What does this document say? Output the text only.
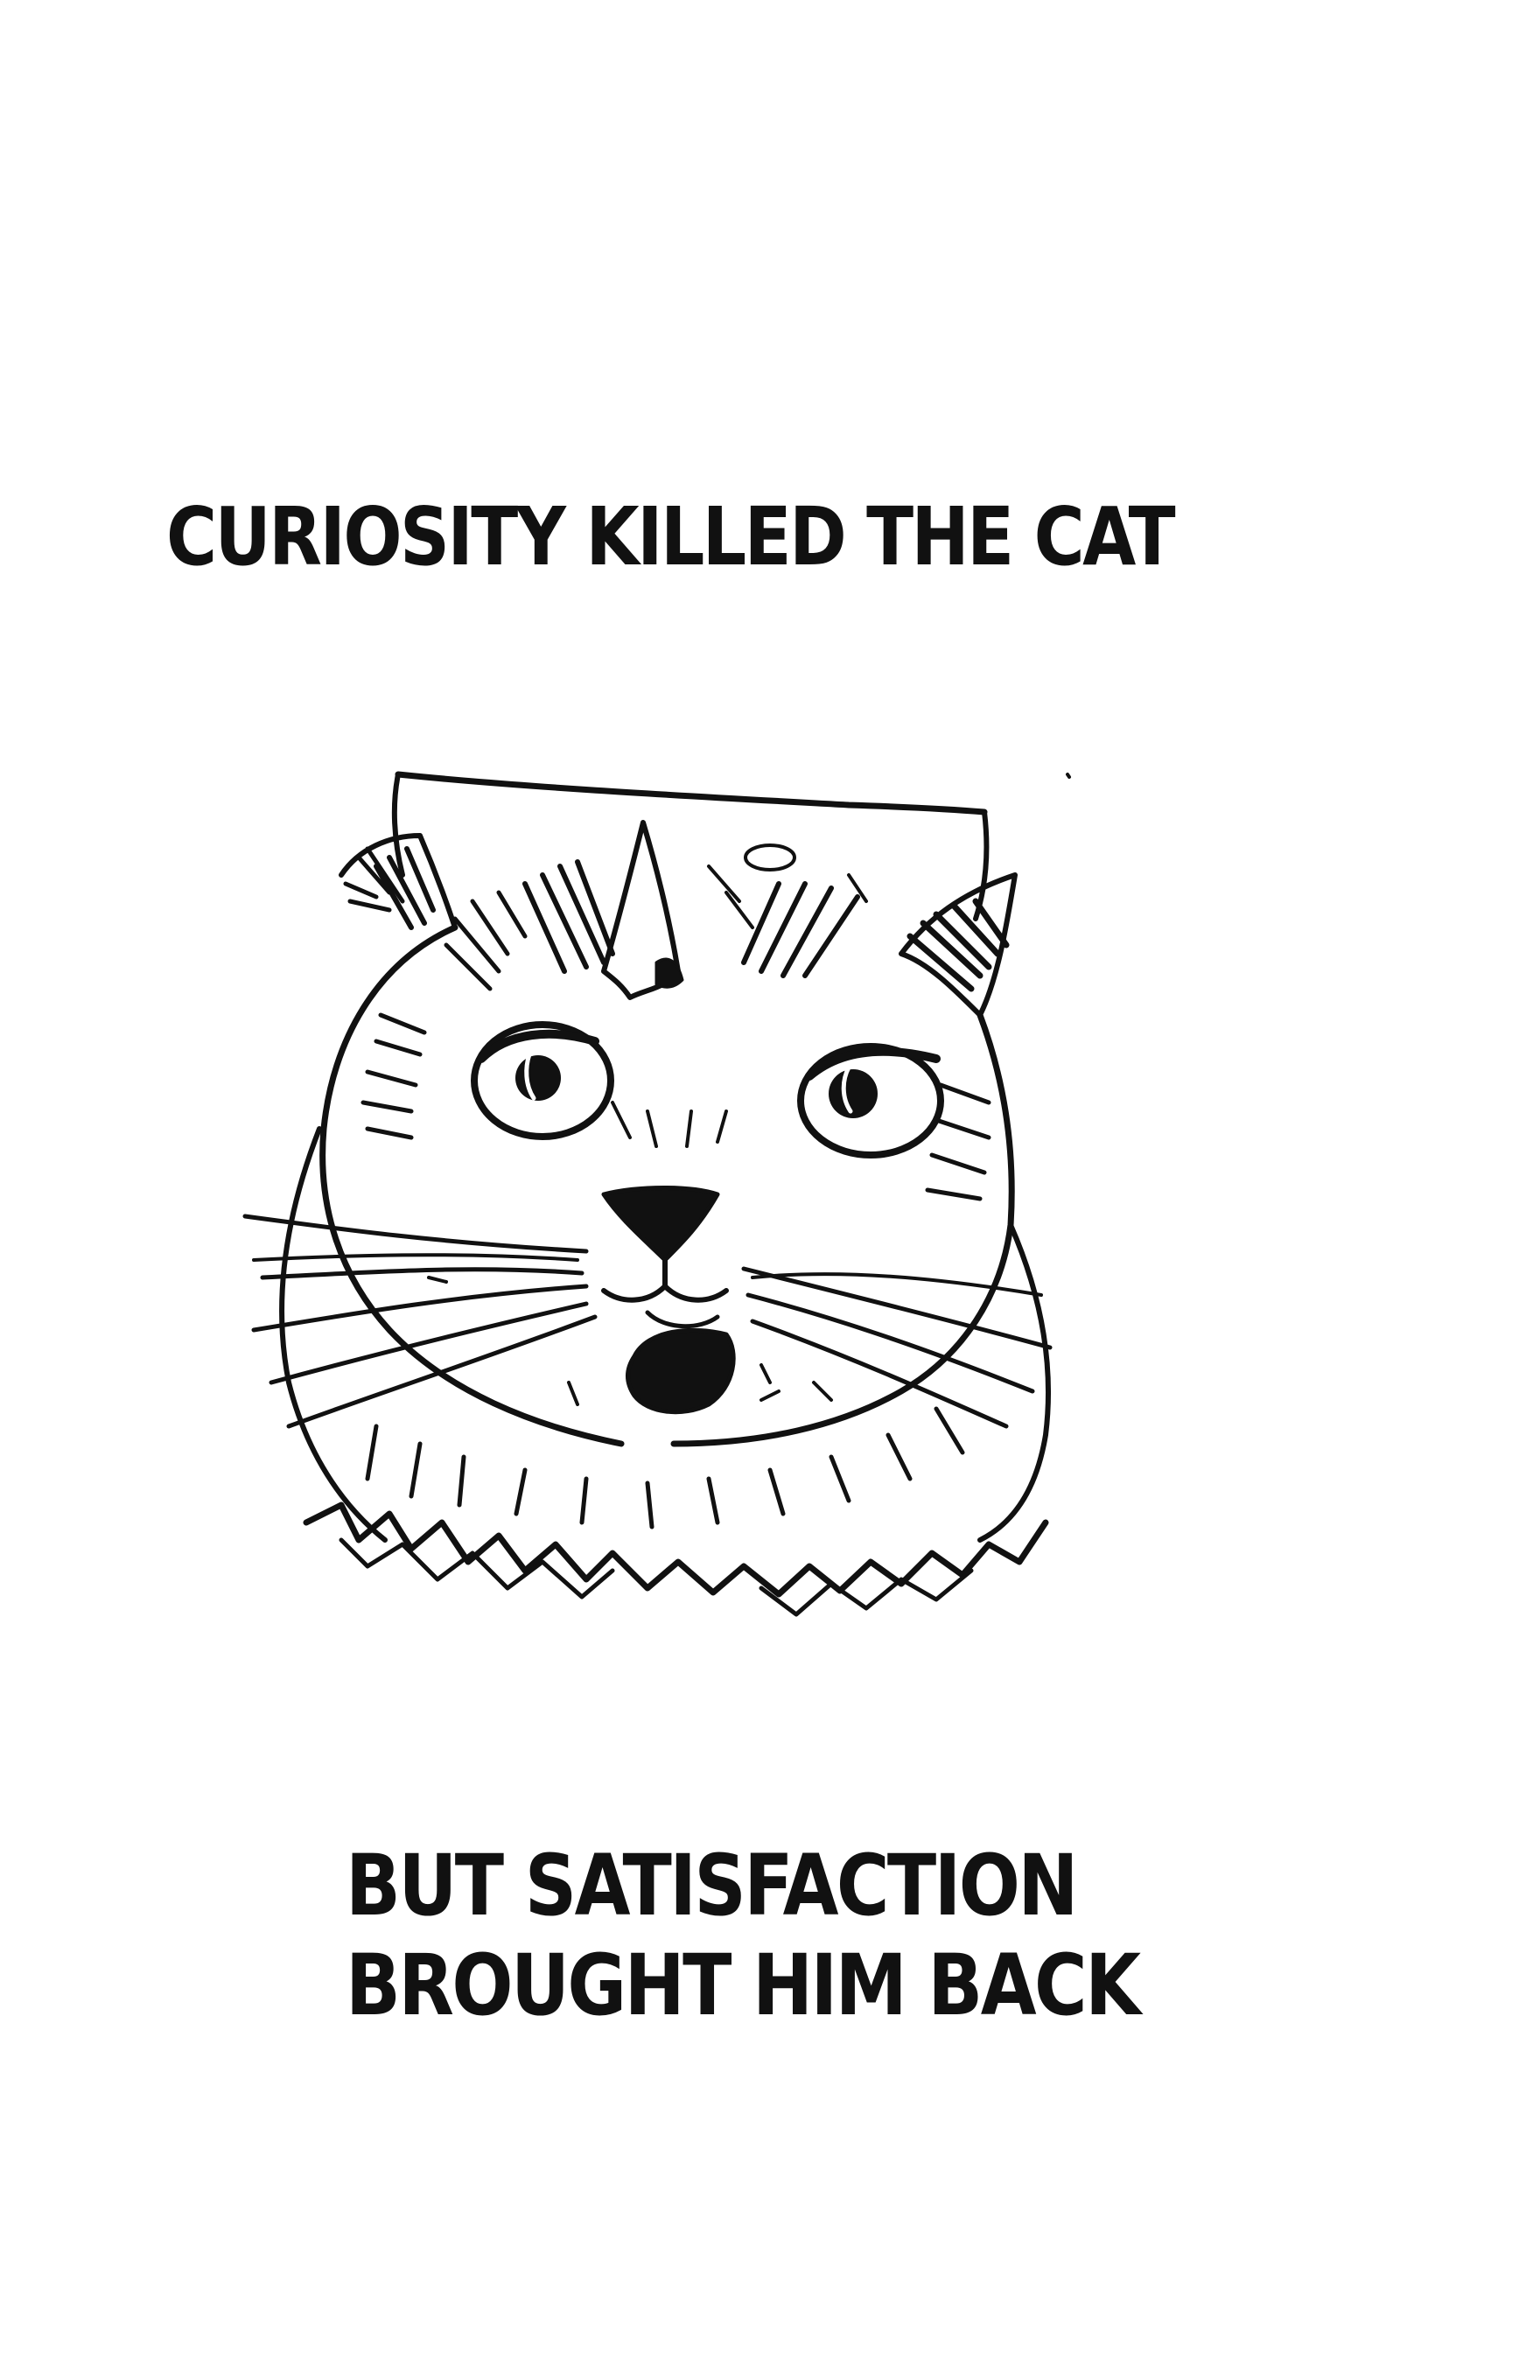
CURIOSITY KILLED THE CAT
BUT SATISFACTION
BROUGHT HIM BACK
